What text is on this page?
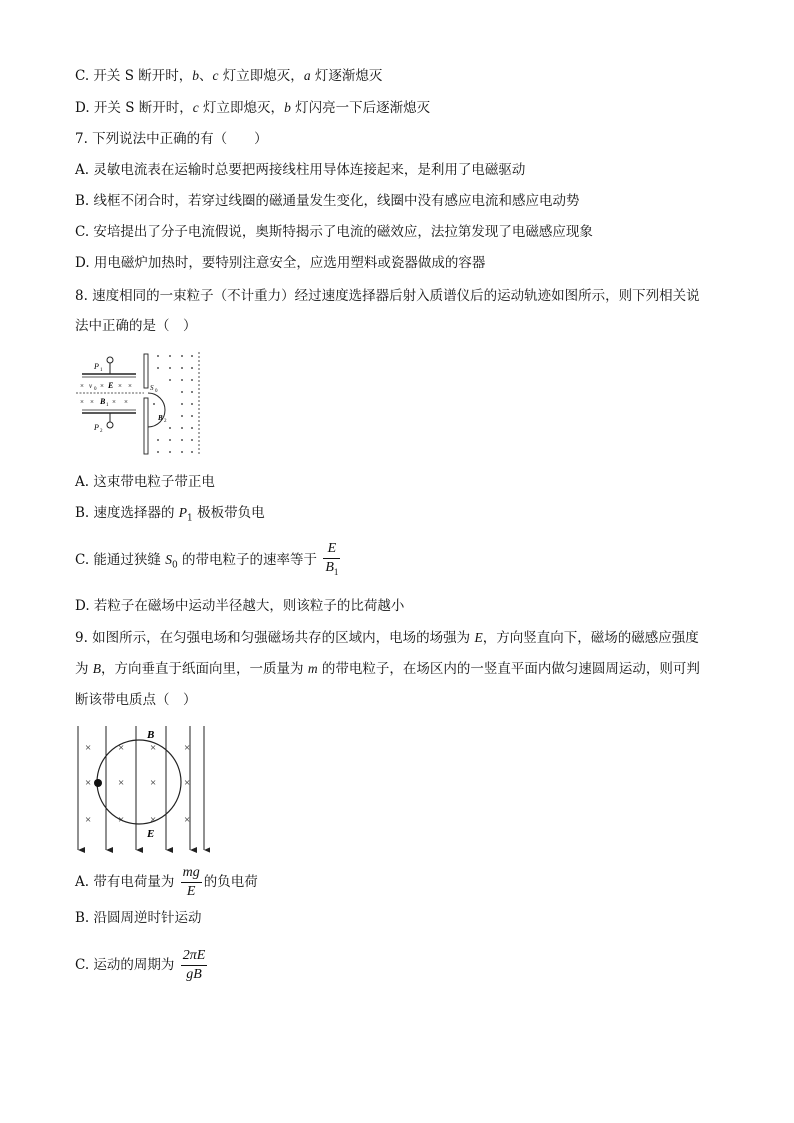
C. 开关 S 断开时，b、c 灯立即熄灭，a 灯逐渐熄灭
D. 开关 S 断开时，c 灯立即熄灭，b 灯闪亮一下后逐渐熄灭
7. 下列说法中正确的有（　　）
A. 灵敏电流表在运输时总要把两接线柱用导体连接起来，是利用了电磁驱动
B. 线框不闭合时，若穿过线圈的磁通量发生变化，线圈中没有感应电流和感应电动势
C. 安培提出了分子电流假说，奥斯特揭示了电流的磁效应，法拉第发现了电磁感应现象
D. 用电磁炉加热时，要特别注意安全，应选用塑料或瓷器做成的容器
8. 速度相同的一束粒子（不计重力）经过速度选择器后射入质谱仪后的运动轨迹如图所示，则下列相关说
法中正确的是（　）
P 1
× v 0 × E × ×
× × B 1 × ×
P 2
S 0
B 2
A. 这束带电粒子带正电
B. 速度选择器的 $P_1$ 极板带负电
C. 能通过狭缝 $S_0$ 的带电粒子的速率等于 $\frac{E}{B_1}$
D. 若粒子在磁场中运动半径越大，则该粒子的比荷越小
9. 如图所示，在匀强电场和匀强磁场共存的区域内，电场的场强为 E，方向竖直向下，磁场的磁感应强度
为 B，方向垂直于纸面向里，一质量为 m 的带电粒子，在场区内的一竖直平面内做匀速圆周运动，则可判
断该带电质点（　）
× × ×	×
× × ×	×
× × ×	×
B
E
A. 带有电荷量为 $\frac{mg}{E}$ 的负电荷
B. 沿圆周逆时针运动
C. 运动的周期为 $\frac{2\pi E}{gB}$
